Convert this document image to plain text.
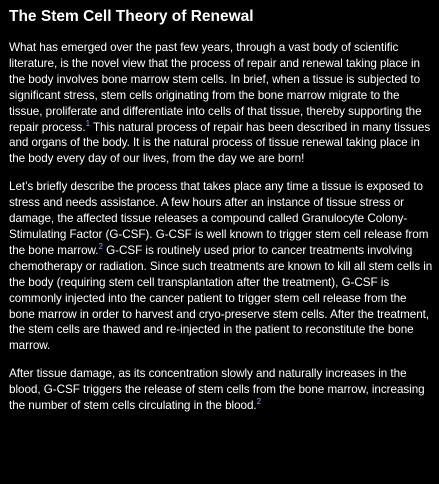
The Stem Cell Theory of Renewal

What has emerged over the past few years, through a vast body of scientific literature, is the novel view that the process of repair and renewal taking place in the body involves bone marrow stem cells. In brief, when a tissue is subjected to significant stress, stem cells originating from the bone marrow migrate to the tissue, proliferate and differentiate into cells of that tissue, thereby supporting the repair process.$^1$ This natural process of repair has been described in many tissues and organs of the body. It is the natural process of tissue renewal taking place in the body every day of our lives, from the day we are born!

Let’s briefly describe the process that takes place any time a tissue is exposed to stress and needs assistance. A few hours after an instance of tissue stress or damage, the affected tissue releases a compound called Granulocyte Colony-Stimulating Factor (G-CSF). G-CSF is well known to trigger stem cell release from the bone marrow.$^2$ G-CSF is routinely used prior to cancer treatments involving chemotherapy or radiation. Since such treatments are known to kill all stem cells in the body (requiring stem cell transplantation after the treatment), G-CSF is commonly injected into the cancer patient to trigger stem cell release from the bone marrow in order to harvest and cryo-preserve stem cells. After the treatment, the stem cells are thawed and re-injected in the patient to reconstitute the bone marrow.

After tissue damage, as its concentration slowly and naturally increases in the blood, G-CSF triggers the release of stem cells from the bone marrow, increasing the number of stem cells circulating in the blood.$^2$
